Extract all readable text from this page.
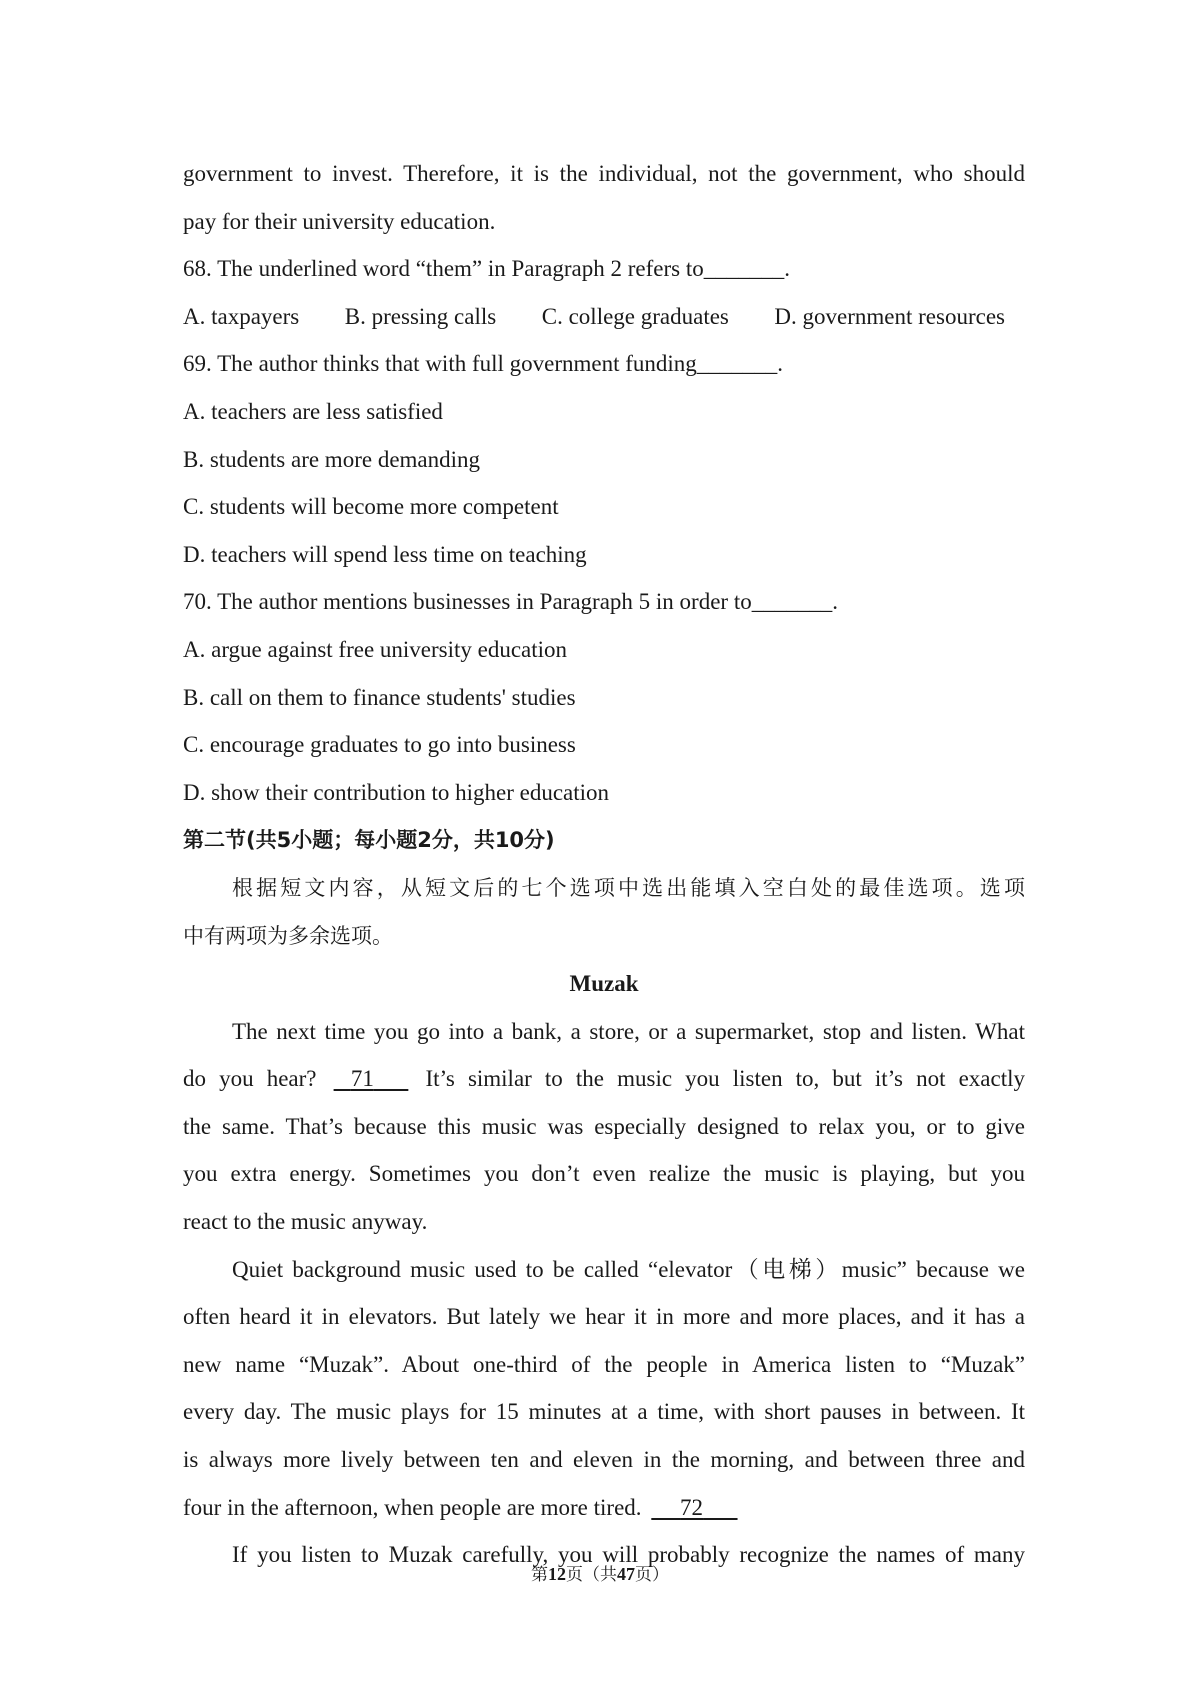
government to invest. Therefore, it is the individual, not the government, who should
pay for their university education.
68. The underlined word “them” in Paragraph 2 refers to_______.
A. taxpayers B. pressing calls C. college graduates D. government resources
69. The author thinks that with full government funding_______.
A. teachers are less satisfied
B. students are more demanding
C. students will become more competent
D. teachers will spend less time on teaching
70. The author mentions businesses in Paragraph 5 in order to_______.
A. argue against free university education
B. call on them to finance students' studies
C. encourage graduates to go into business
D. show their contribution to higher education
第二节(共5小题；每小题2分，共10分)
根据短文内容，从短文后的七个选项中选出能填入空白处的最佳选项。选项
中有两项为多余选项。
Muzak
The next time you go into a bank, a store, or a supermarket, stop and listen. What
do you hear? 71 It’s similar to the music you listen to, but it’s not exactly
the same. That’s because this music was especially designed to relax you, or to give
you extra energy. Sometimes you don’t even realize the music is playing, but you
react to the music anyway.
Quiet background music used to be called “elevator（电梯）music” because we
often heard it in elevators. But lately we hear it in more and more places, and it has a
new name “Muzak”. About one-third of the people in America listen to “Muzak”
every day. The music plays for 15 minutes at a time, with short pauses in between. It
is always more lively between ten and eleven in the morning, and between three and
four in the afternoon, when people are more tired. 72
If you listen to Muzak carefully, you will probably recognize the names of many
第12页（共47页）
